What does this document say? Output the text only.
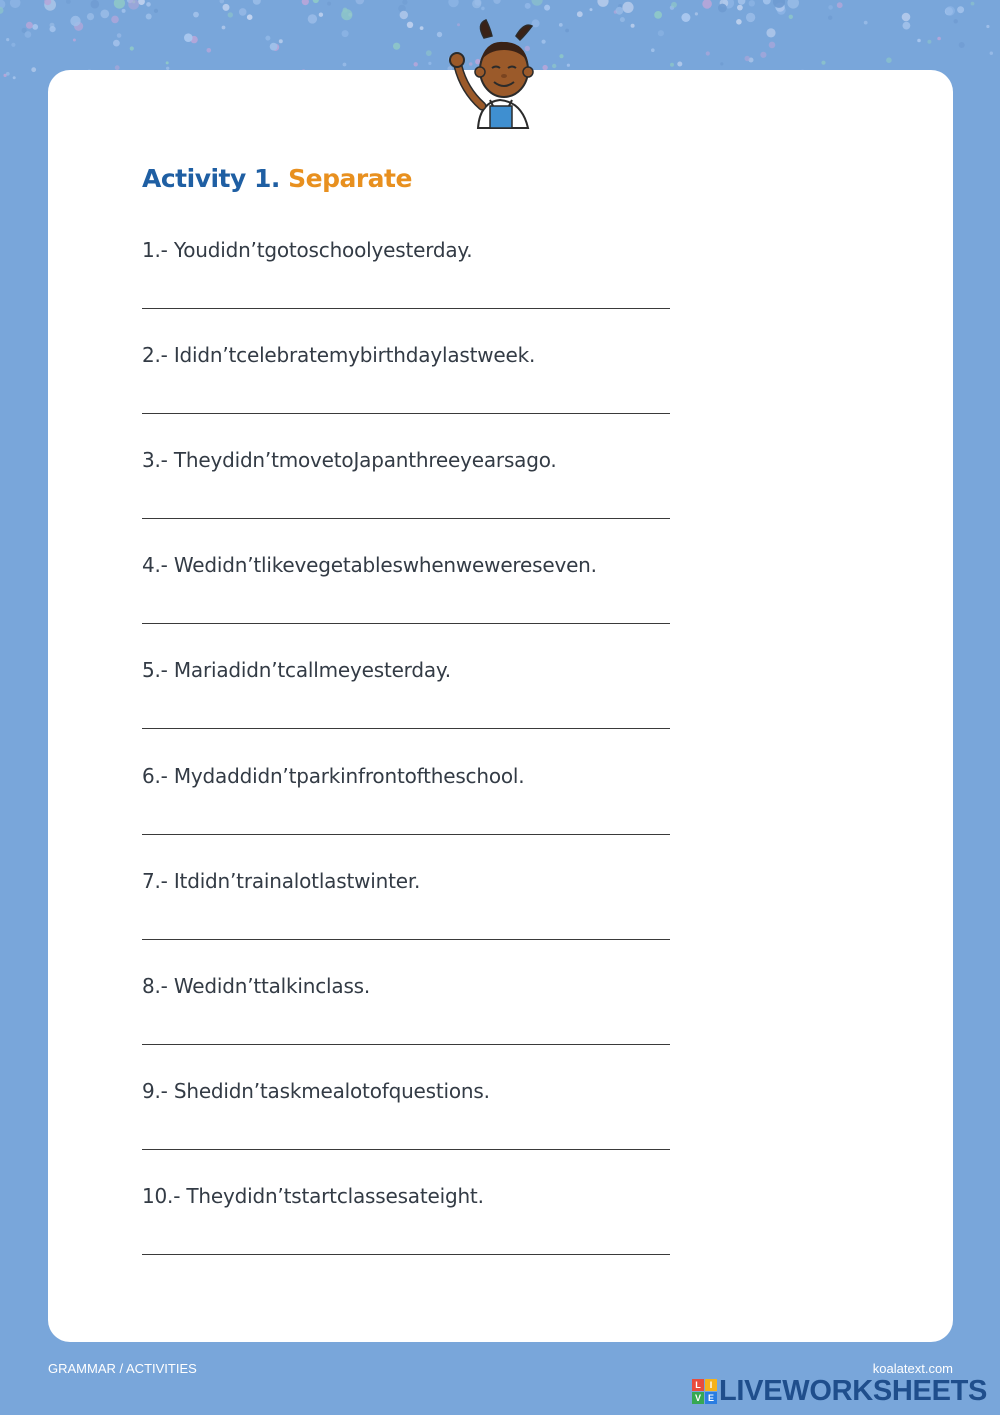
Activity 1. Separate
1.- Youdidn’tgotoschoolyesterday.
2.- Ididn’tcelebratemybirthdaylastweek.
3.- Theydidn’tmovetoJapanthreeyearsago.
4.- Wedidn’tlikevegetableswhenwewereseven.
5.- Mariadidn’tcallmeyesterday.
6.- Mydaddidn’tparkinfrontoftheschool.
7.- Itdidn’trainalotlastwinter.
8.- Wedidn’ttalkinclass.
9.- Shedidn’taskmealotofquestions.
10.- Theydidn’tstartclassesateight.
GRAMMAR / ACTIVITIES	koalatext.com
L I
V E LIVEWORKSHEETS
